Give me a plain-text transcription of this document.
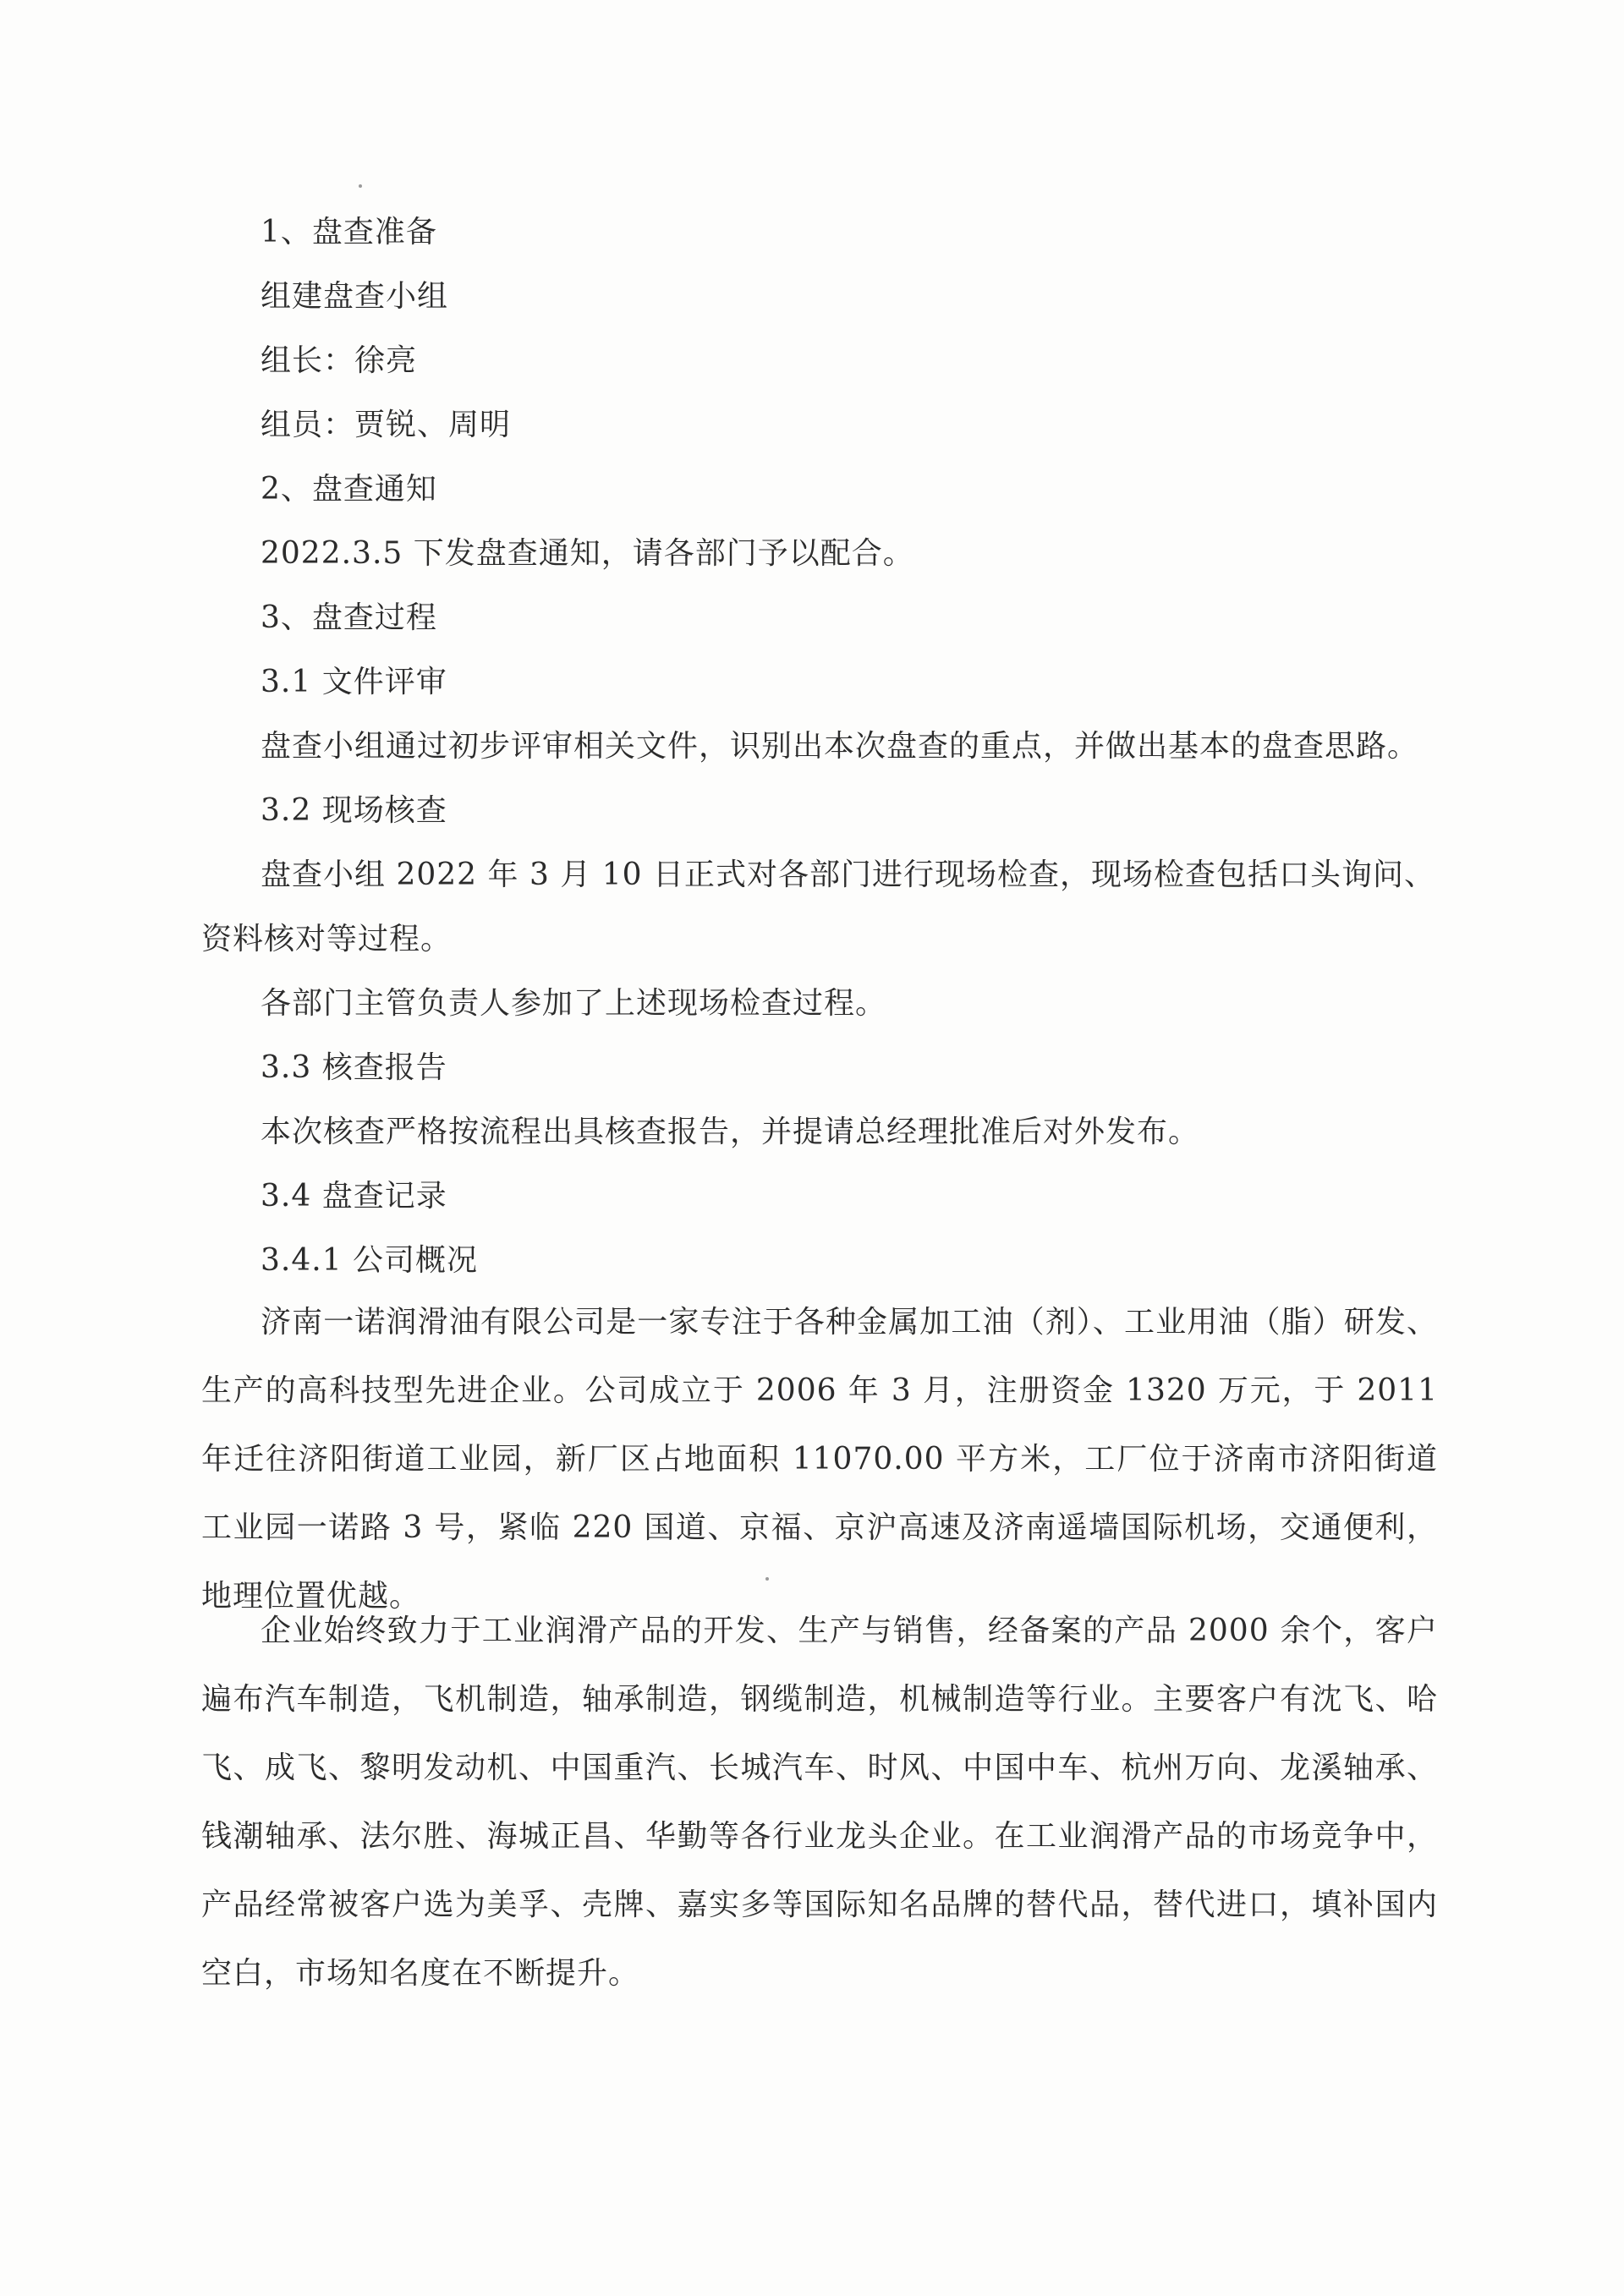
1、盘查准备
组建盘查小组
组长：徐亮
组员：贾锐、周明
2、盘查通知
2022.3.5 下发盘查通知，请各部门予以配合。
3、盘查过程
3.1 文件评审
盘查小组通过初步评审相关文件，识别出本次盘查的重点，并做出基本的盘查思路。
3.2 现场核查
盘查小组 2022 年 3 月 10 日正式对各部门进行现场检查，现场检查包括口头询问、
资料核对等过程。
各部门主管负责人参加了上述现场检查过程。
3.3 核查报告
本次核查严格按流程出具核查报告，并提请总经理批准后对外发布。
3.4 盘查记录
3.4.1 公司概况
济南一诺润滑油有限公司是一家专注于各种金属加工油（剂）、工业用油（脂）研发、生产的高科技型先进企业。公司成立于 2006 年 3 月，注册资金 1320 万元，于 2011 年迁往济阳街道工业园，新厂区占地面积 11070.00 平方米，工厂位于济南市济阳街道工业园一诺路 3 号，紧临 220 国道、京福、京沪高速及济南遥墙国际机场，交通便利，地理位置优越。
企业始终致力于工业润滑产品的开发、生产与销售，经备案的产品 2000 余个，客户遍布汽车制造，飞机制造，轴承制造，钢缆制造，机械制造等行业。主要客户有沈飞、哈飞、成飞、黎明发动机、中国重汽、长城汽车、时风、中国中车、杭州万向、龙溪轴承、钱潮轴承、法尔胜、海城正昌、华勤等各行业龙头企业。在工业润滑产品的市场竞争中，产品经常被客户选为美孚、壳牌、嘉实多等国际知名品牌的替代品，替代进口，填补国内空白，市场知名度在不断提升。
